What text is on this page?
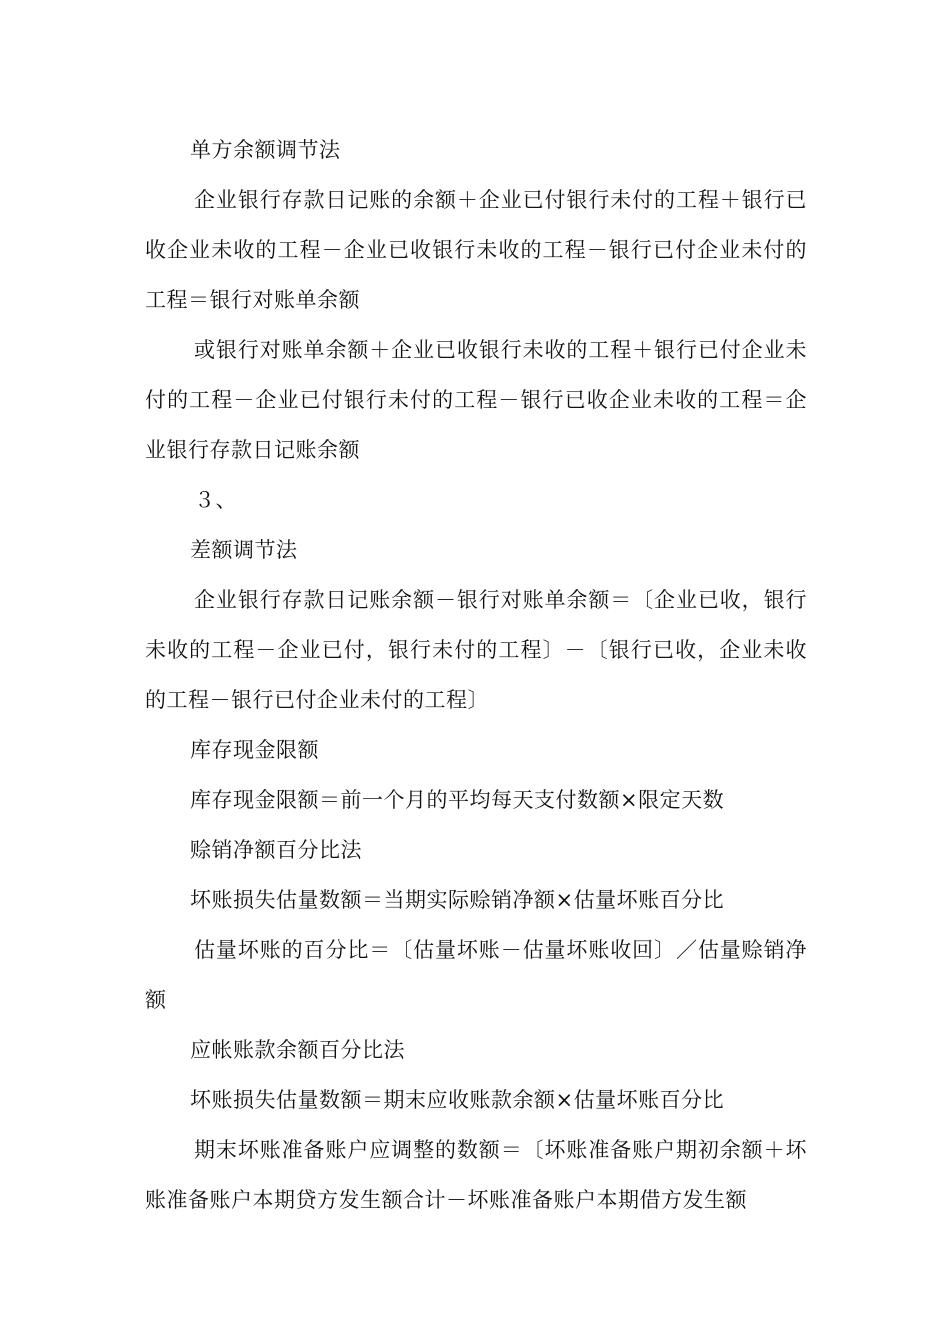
单方余额调节法

企业银行存款日记账的余额＋企业已付银行未付的工程＋银行已收企业未收的工程－企业已收银行未收的工程－银行已付企业未付的工程＝银行对账单余额

或银行对账单余额＋企业已收银行未收的工程＋银行已付企业未付的工程－企业已付银行未付的工程－银行已收企业未收的工程＝企业银行存款日记账余额

３、

差额调节法

企业银行存款日记账余额－银行对账单余额＝〔企业已收，银行未收的工程－企业已付，银行未付的工程〕－〔银行已收，企业未收的工程－银行已付企业未付的工程〕

库存现金限额

库存现金限额＝前一个月的平均每天支付数额×限定天数

赊销净额百分比法

坏账损失估量数额＝当期实际赊销净额×估量坏账百分比

估量坏账的百分比＝〔估量坏账－估量坏账收回〕／估量赊销净额

应帐账款余额百分比法

坏账损失估量数额＝期末应收账款余额×估量坏账百分比

期末坏账准备账户应调整的数额＝〔坏账准备账户期初余额＋坏账准备账户本期贷方发生额合计－坏账准备账户本期借方发生额
